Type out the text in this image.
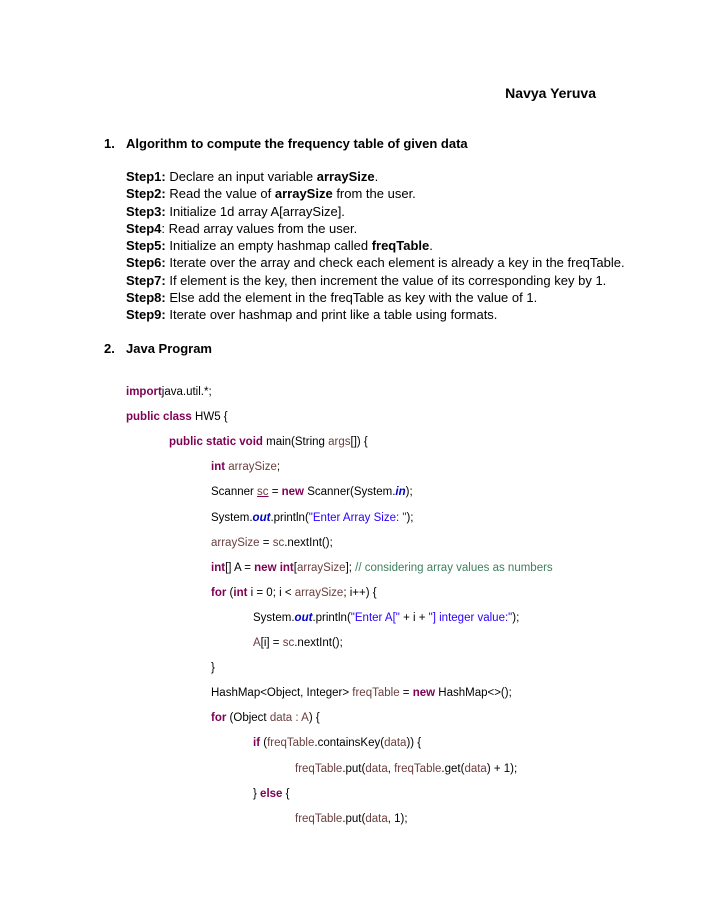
Navya Yeruva
1. Algorithm to compute the frequency table of given data
Step1: Declare an input variable arraySize.
Step2: Read the value of arraySize from the user.
Step3: Initialize 1d array A[arraySize].
Step4: Read array values from the user.
Step5: Initialize an empty hashmap called freqTable.
Step6: Iterate over the array and check each element is already a key in the freqTable.
Step7: If element is the key, then increment the value of its corresponding key by 1.
Step8: Else add the element in the freqTable as key with the value of 1.
Step9: Iterate over hashmap and print like a table using formats.
2. Java Program
importjava.util.*;
public class HW5 {
public static void main(String args[]) {
int arraySize;
Scanner sc = new Scanner(System.in);
System.out.println("Enter Array Size: ");
arraySize = sc.nextInt();
int[] A = new int[arraySize]; // considering array values as numbers
for (int i = 0; i < arraySize; i++) {
System.out.println("Enter A[" + i + "] integer value:");
A[i] = sc.nextInt();
}
HashMap<Object, Integer> freqTable = new HashMap<>();
for (Object data : A) {
if (freqTable.containsKey(data)) {
freqTable.put(data, freqTable.get(data) + 1);
} else {
freqTable.put(data, 1);
